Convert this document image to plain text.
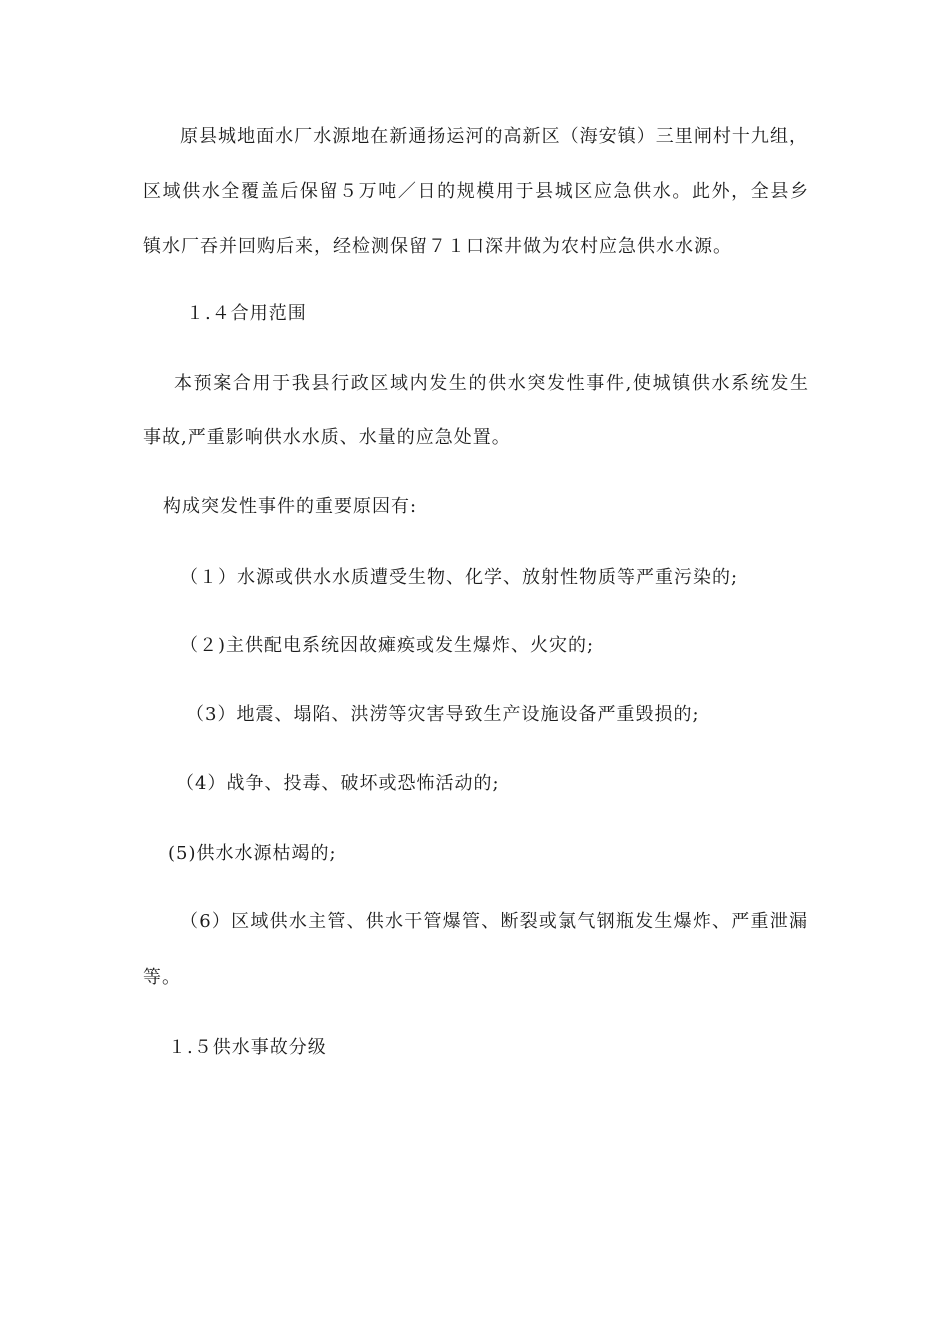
原县城地面水厂水源地在新通扬运河的高新区（海安镇）三里闸村十九组，
区域供水全覆盖后保留５万吨／日的规模用于县城区应急供水。此外，全县乡
镇水厂吞并回购后来，经检测保留７１口深井做为农村应急供水水源。
１.４合用范围
本预案合用于我县行政区域内发生的供水突发性事件,使城镇供水系统发生
事故,严重影响供水水质、水量的应急处置。
构成突发性事件的重要原因有:
（１）水源或供水水质遭受生物、化学、放射性物质等严重污染的;
（２)主供配电系统因故瘫痪或发生爆炸、火灾的;
（3）地震、塌陷、洪涝等灾害导致生产设施设备严重毁损的;
（4）战争、投毒、破坏或恐怖活动的;
(5)供水水源枯竭的;
（6）区域供水主管、供水干管爆管、断裂或氯气钢瓶发生爆炸、严重泄漏
等。
１.５供水事故分级
